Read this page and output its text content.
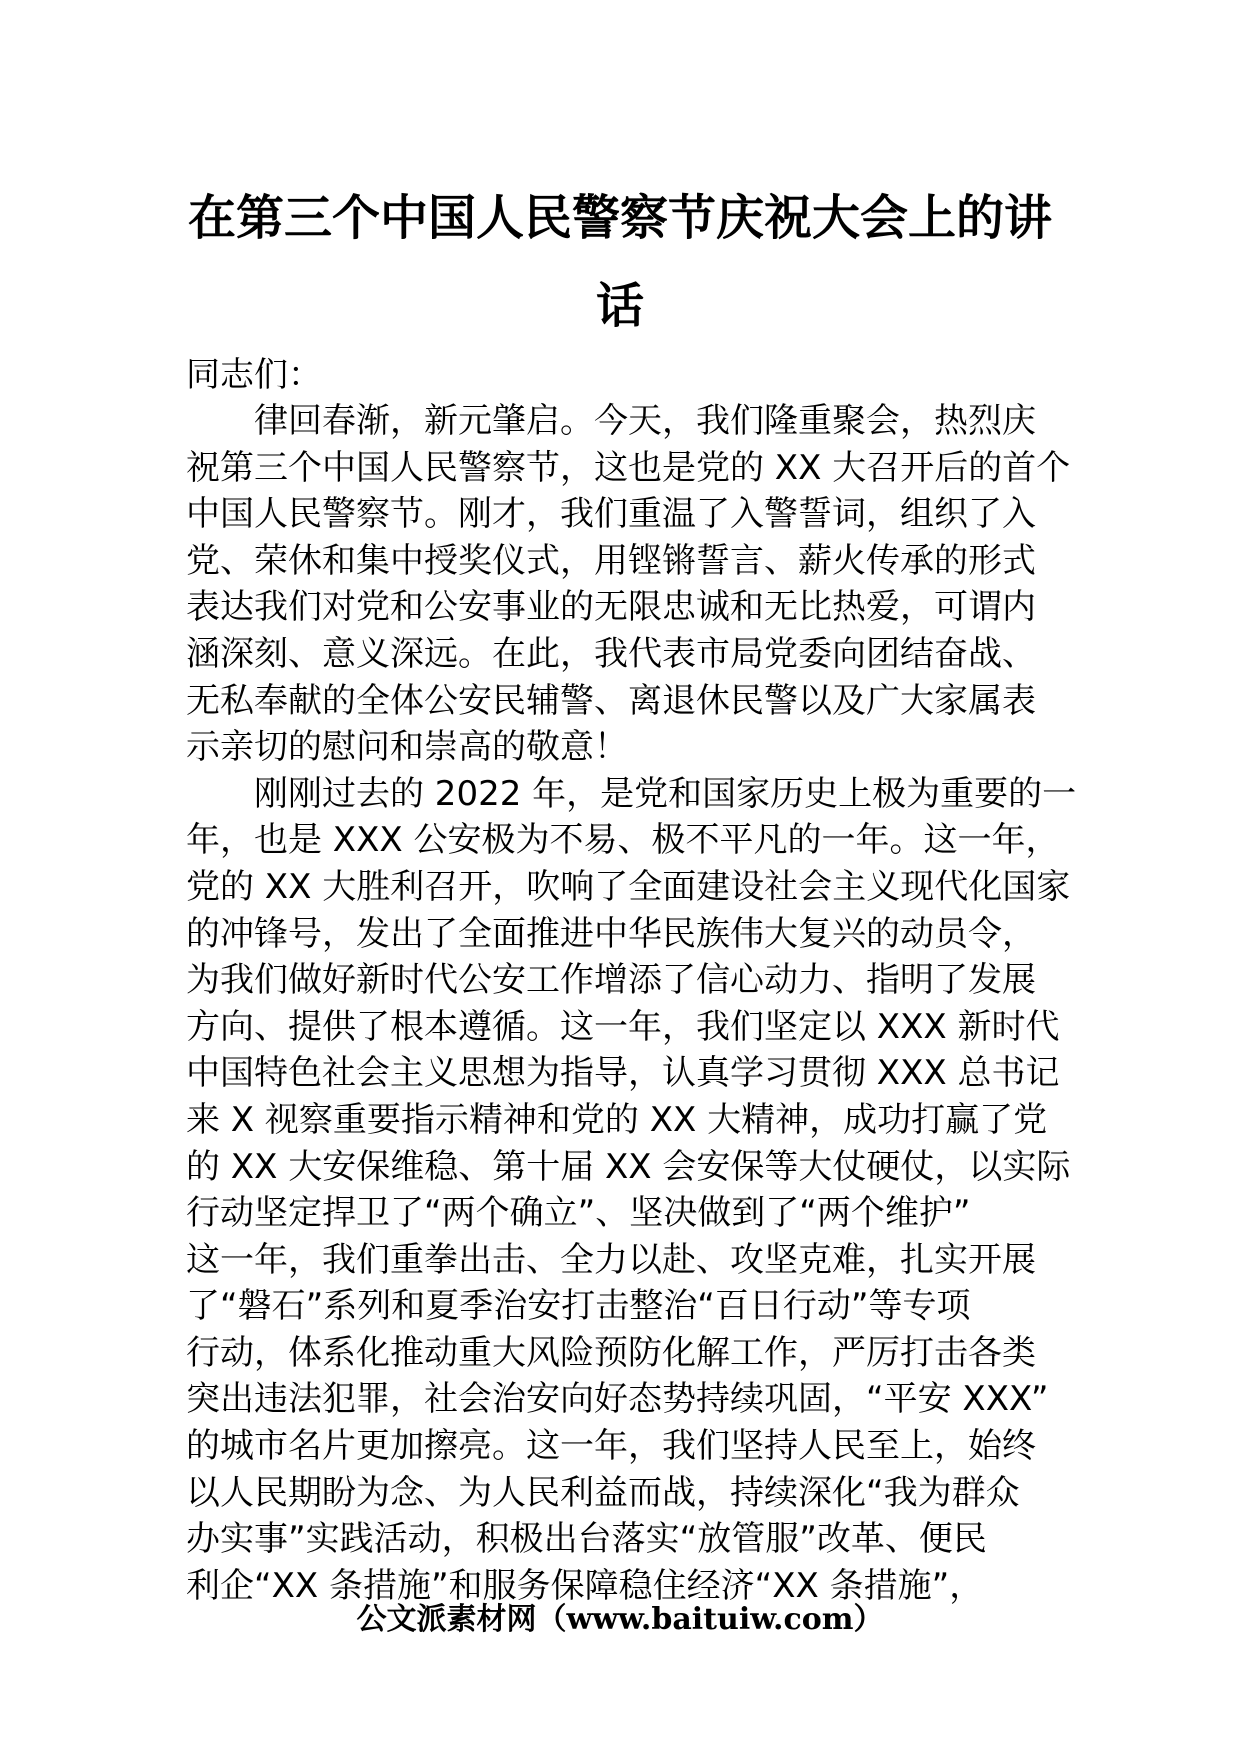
在第三个中国人民警察节庆祝大会上的讲
话
同志们：
　　律回春渐，新元肇启。今天，我们隆重聚会，热烈庆
祝第三个中国人民警察节，这也是党的 XX 大召开后的首个
中国人民警察节。刚才，我们重温了入警誓词，组织了入
党、荣休和集中授奖仪式，用铿锵誓言、薪火传承的形式
表达我们对党和公安事业的无限忠诚和无比热爱，可谓内
涵深刻、意义深远。在此，我代表市局党委向团结奋战、
无私奉献的全体公安民辅警、离退休民警以及广大家属表
示亲切的慰问和崇高的敬意！
　　刚刚过去的 2022 年，是党和国家历史上极为重要的一
年，也是 XXX 公安极为不易、极不平凡的一年。这一年，
党的 XX 大胜利召开，吹响了全面建设社会主义现代化国家
的冲锋号，发出了全面推进中华民族伟大复兴的动员令，
为我们做好新时代公安工作增添了信心动力、指明了发展
方向、提供了根本遵循。这一年，我们坚定以 XXX 新时代
中国特色社会主义思想为指导，认真学习贯彻 XXX 总书记
来 X 视察重要指示精神和党的 XX 大精神，成功打赢了党
的 XX 大安保维稳、第十届 XX 会安保等大仗硬仗，以实际
行动坚定捍卫了“两个确立”、坚决做到了“两个维护”
这一年，我们重拳出击、全力以赴、攻坚克难，扎实开展
了“磐石”系列和夏季治安打击整治“百日行动”等专项
行动，体系化推动重大风险预防化解工作，严厉打击各类
突出违法犯罪，社会治安向好态势持续巩固，“平安 XXX”
的城市名片更加擦亮。这一年，我们坚持人民至上，始终
以人民期盼为念、为人民利益而战，持续深化“我为群众
办实事”实践活动，积极出台落实“放管服”改革、便民
利企“XX 条措施”和服务保障稳住经济“XX 条措施”，
公文派素材网（www.baituiw.com）
